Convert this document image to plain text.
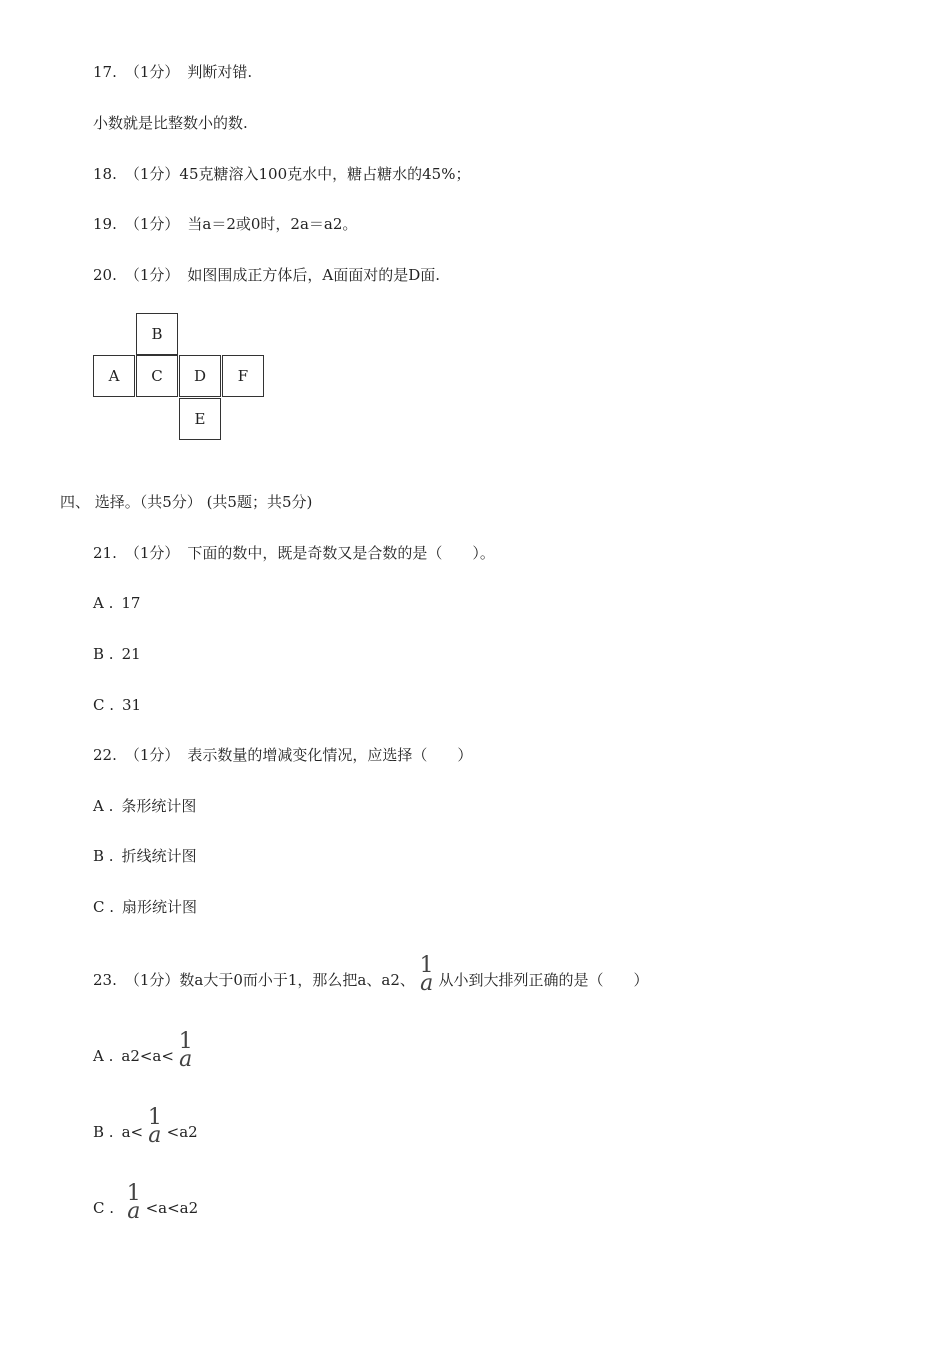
17. （1分） 判断对错.
小数就是比整数小的数.
18. （1分）45克糖溶入100克水中，糖占糖水的45%；
19. （1分） 当a＝2或0时，2a＝a2。
20. （1分） 如图围成正方体后，A面面对的是D面.
B
A	C	D	F
E
四、 选择。（共5分） (共5题；共5分)
21. （1分） 下面的数中，既是奇数又是合数的是（　　）。
A . 17
B . 21
C . 31
22. （1分） 表示数量的增减变化情况，应选择（　　）
A . 条形统计图
B . 折线统计图
C . 扇形统计图
23. （1分）数a大于0而小于1，那么把a、a2、
1
a 从小到大排列正确的是（　　）
A . a2<a<
1
a
B . a<
1
a <a2
C .
1
a <a<a2
